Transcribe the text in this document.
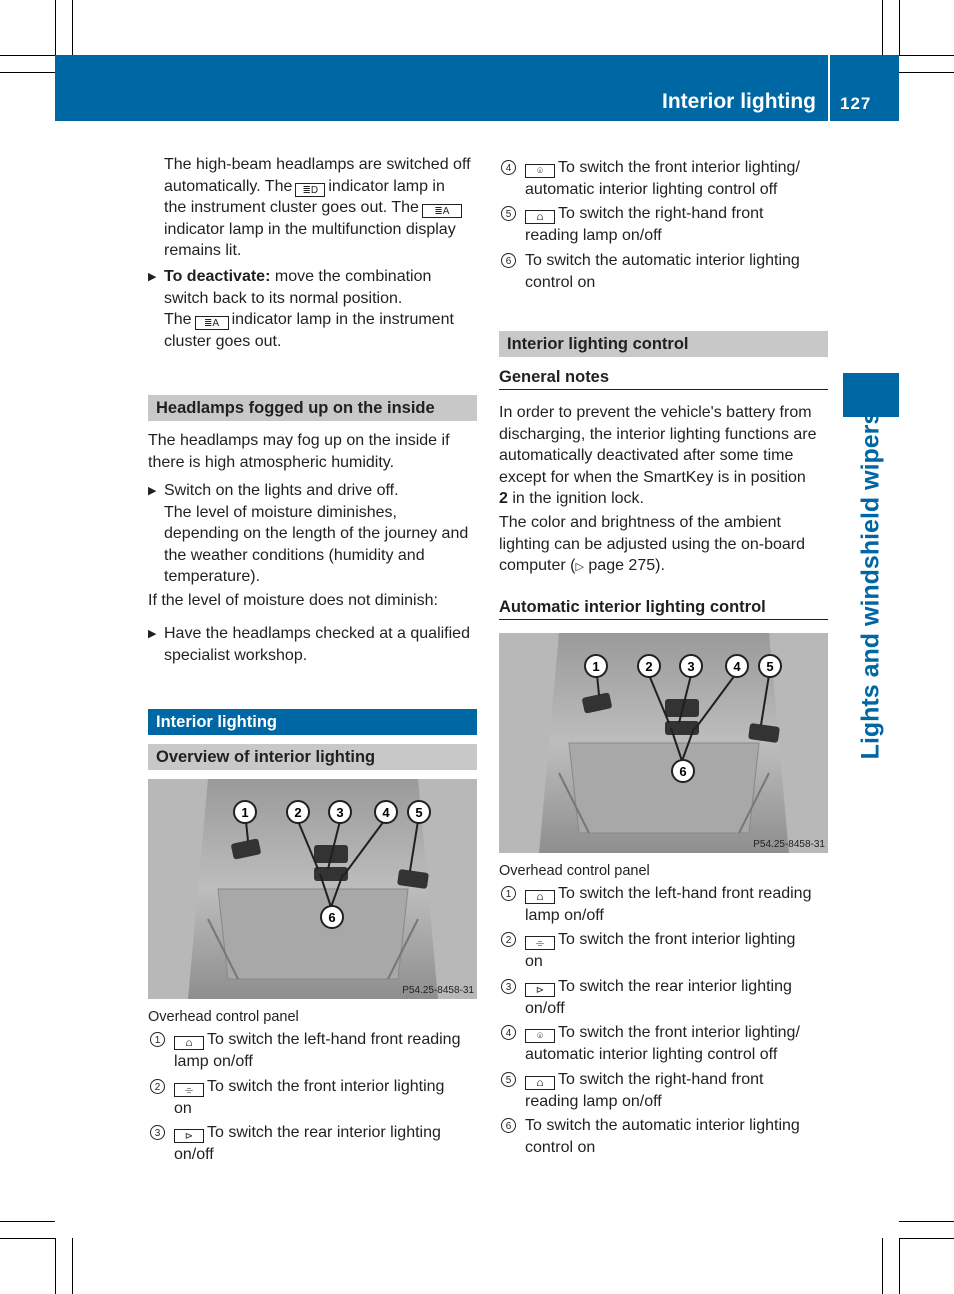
Interior lighting 127
Lights and windshield wipers
The high-beam headlamps are switched off
automatically. The ≣D indicator lamp in
the instrument cluster goes out. The ≣A
indicator lamp in the multifunction display
remains lit.
▶ To deactivate: move the combination
switch back to its normal position.
The ≣A indicator lamp in the instrument
cluster goes out.
Headlamps fogged up on the inside
The headlamps may fog up on the inside if
there is high atmospheric humidity.
▶ Switch on the lights and drive off.
The level of moisture diminishes,
depending on the length of the journey and
the weather conditions (humidity and
temperature).
If the level of moisture does not diminish:
▶ Have the headlamps checked at a qualified
specialist workshop.
Interior lighting
Overview of interior lighting
1	2	3	4 5
6
P54.25-8458-31
Overhead control panel
1	⩍ To switch the left-hand front reading
lamp on/off
2	⌯ To switch the front interior lighting
on
3	⊳ To switch the rear interior lighting
on/off
4	⌾ To switch the front interior lighting/
automatic interior lighting control off
5	⩍ To switch the right-hand front
reading lamp on/off
6 To switch the automatic interior lighting
control on
Interior lighting control
General notes
In order to prevent the vehicle's battery from
discharging, the interior lighting functions are
automatically deactivated after some time
except for when the SmartKey is in position
2 in the ignition lock.
The color and brightness of the ambient
lighting can be adjusted using the on-board
computer (▷ page 275).
Automatic interior lighting control
1	2	3	4 5
6
P54.25-8458-31
Overhead control panel
1	⩍ To switch the left-hand front reading
lamp on/off
2	⌯ To switch the front interior lighting
on
3	⊳ To switch the rear interior lighting
on/off
4	⌾ To switch the front interior lighting/
automatic interior lighting control off
5	⩍ To switch the right-hand front
reading lamp on/off
6 To switch the automatic interior lighting
control on
